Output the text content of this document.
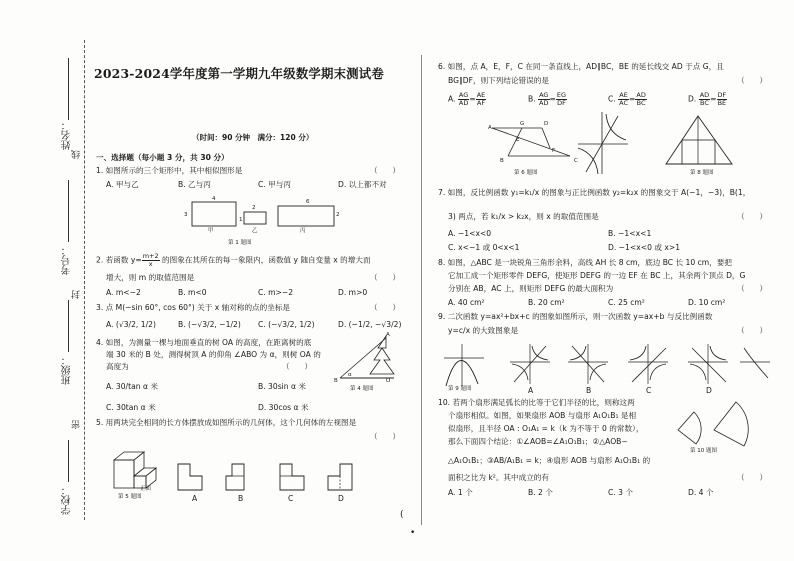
姓名：
线
考号：
封
班级：
密
学校：
2023-2024学年度第一学期九年级数学期末测试卷
（时间：90 分钟　满分：120 分）
一、选择题（每小题 3 分，共 30 分）
1. 如图所示的三个矩形中，其中相似图形是	（　　）
A. 甲与乙	B. 乙与丙	C. 甲与丙	D. 以上都不对
4
3
2
1
甲	乙	丙
6
2
第 1 题图
2. 若函数 $y= \frac{m+2}{x}$ 的图象在其所在的每一象限内，函数值 y 随自变量 x 的增大而
增大，则 m 的取值范围是	（　　）
A. m<−2	B. m<0	C. m>−2	D. m>0
3. 点 M(−sin 60°, cos 60°) 关于 x 轴对称的点的坐标是	（　　）
A. (√3/2, 1/2)	B. (−√3/2, −1/2) C. (−√3/2, 1/2)	D. (−1/2, −√3/2)
4. 如图，为测量一棵与地面垂直的树 OA 的高度，在距离树的底
端 30 米的 B 处，测得树顶 A 的仰角 ∠ABO 为 α，则树 OA 的
高度为	（　　）
A. 30/tan α 米	B. 30sin α 米
C. 30tan α 米	D. 30cos α 米
A
B
α
O
第 4 题图
5. 用两块完全相同的长方体摆放成如图所示的几何体，这个几何体的左视图是
（　　）
正面
第 5 题图	A	B	C	D
6. 如图，点 A，E，F，C 在同一条直线上，AD∥BC，BE 的延长线交 AD 于点 G，且
BG∥DF，则下列结论错误的是	（　　）
A. $\frac{AG}{AD} = \frac{AE}{AF}$	B. $\frac{AG}{AD} = \frac{EG}{DF}$	C. $\frac{AE}{AC} = \frac{AD}{BC}$	D. $\frac{AD}{BC} = \frac{DF}{BE}$
A
G	D
E
F
B	C
第 6 题图	第 8 题图
7. 如图，反比例函数 y₁=k₁/x 的图象与正比例函数 y₂=k₂x 的图象交于 A(−1，−3)，B(1，
3) 两点，若 k₁/x > k₂x，则 x 的取值范围是	（　　）
A. −1<x<0	B. −1<x<1
C. x<−1 或 0<x<1	D. −1<x<0 或 x>1
8. 如图，△ABC 是一块锐角三角形余料，高线 AH 长 8 cm，底边 BC 长 10 cm，要把
它加工成一个矩形零件 DEFG，使矩形 DEFG 的一边 EF 在 BC 上，其余两个顶点 D，G
分别在 AB，AC 上，则矩形 DEFG 的最大面积为	（　　）
A. 40 cm²	B. 20 cm²	C. 25 cm²	D. 10 cm²
9. 二次函数 y=ax²+bx+c 的图象如图所示，则一次函数 y=ax+b 与反比例函数
y=c/x 的大致图象是	（　　）
第 9 题图	A	B	C	D
10. 若两个扇形满足弧长的比等于它们半径的比，则称这两
个扇形相似。如图，如果扇形 AOB 与扇形 A₁O₁B₁ 是相
似扇形，且半径 OA : O₁A₁ = k（k 为不等于 0 的常数），
那么下面四个结论：①∠AOB=∠A₁O₁B₁；②△AOB∽
△A₁O₁B₁；③AB/A₁B₁ = k；④扇形 AOB 与扇形 A₁O₁B₁ 的
面积之比为 k²。其中成立的有	（　　）
第 10 题图
A. 1 个	B. 2 个	C. 3 个	D. 4 个
(
•
